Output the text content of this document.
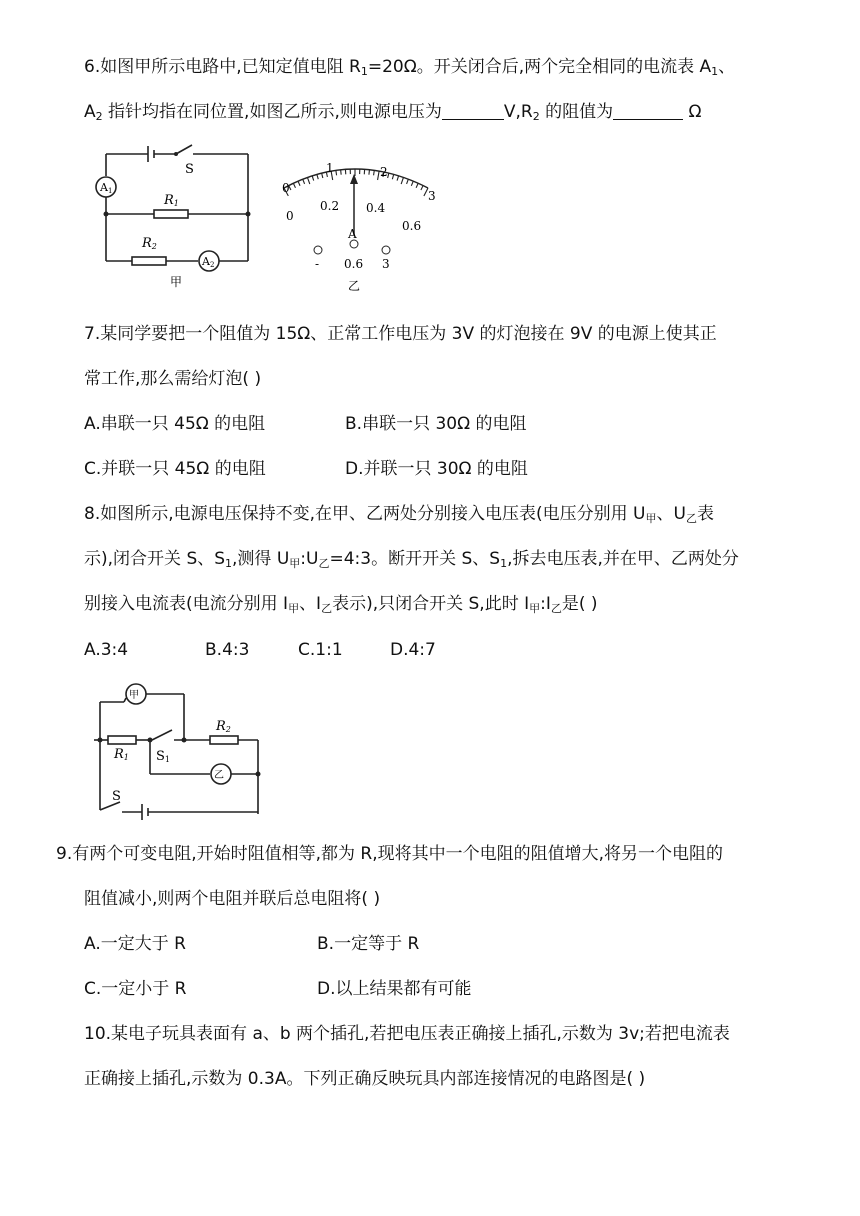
6.如图甲所示电路中,已知定值电阻 $R_1=20\Omega$。开关闭合后,两个完全相同的电流表 $A_1$、
$A_2$ 指针均指在同位置,如图乙所示,则电源电压为	$V,R_2$ 的阻值为	Ω
S
A1
R1
R2
A2
甲
0
1	2
3
0
0.2 0.4
0.6
A
- 0.6 3
乙
7.某同学要把一个阻值为 15Ω、正常工作电压为 3V 的灯泡接在 9V 的电源上使其正
常工作,那么需给灯泡( )
A.串联一只 45Ω 的电阻	B.串联一只 30Ω 的电阻
C.并联一只 45Ω 的电阻	D.并联一只 30Ω 的电阻
8.如图所示,电源电压保持不变,在甲、乙两处分别接入电压表(电压分别用 $U_甲$、$U_乙$表
示),闭合开关 S、$S_1$,测得 $U_甲:U_乙=4:3$。断开开关 S、$S_1$,拆去电压表,并在甲、乙两处分
别接入电流表(电流分别用 $I_甲$、$I_乙$表示),只闭合开关 S,此时 $I_甲:I_乙$是( )
A.3:4	B.4:3	C.1:1	D.4:7
甲
乙
R1
R2
S1
S
9.有两个可变电阻,开始时阻值相等,都为 R,现将其中一个电阻的阻值增大,将另一个电阻的
阻值减小,则两个电阻并联后总电阻将( )
A.一定大于 R	B.一定等于 R
C.一定小于 R	D.以上结果都有可能
10.某电子玩具表面有 a、b 两个插孔,若把电压表正确接上插孔,示数为 3v;若把电流表
正确接上插孔,示数为 0.3A。下列正确反映玩具内部连接情况的电路图是( )
